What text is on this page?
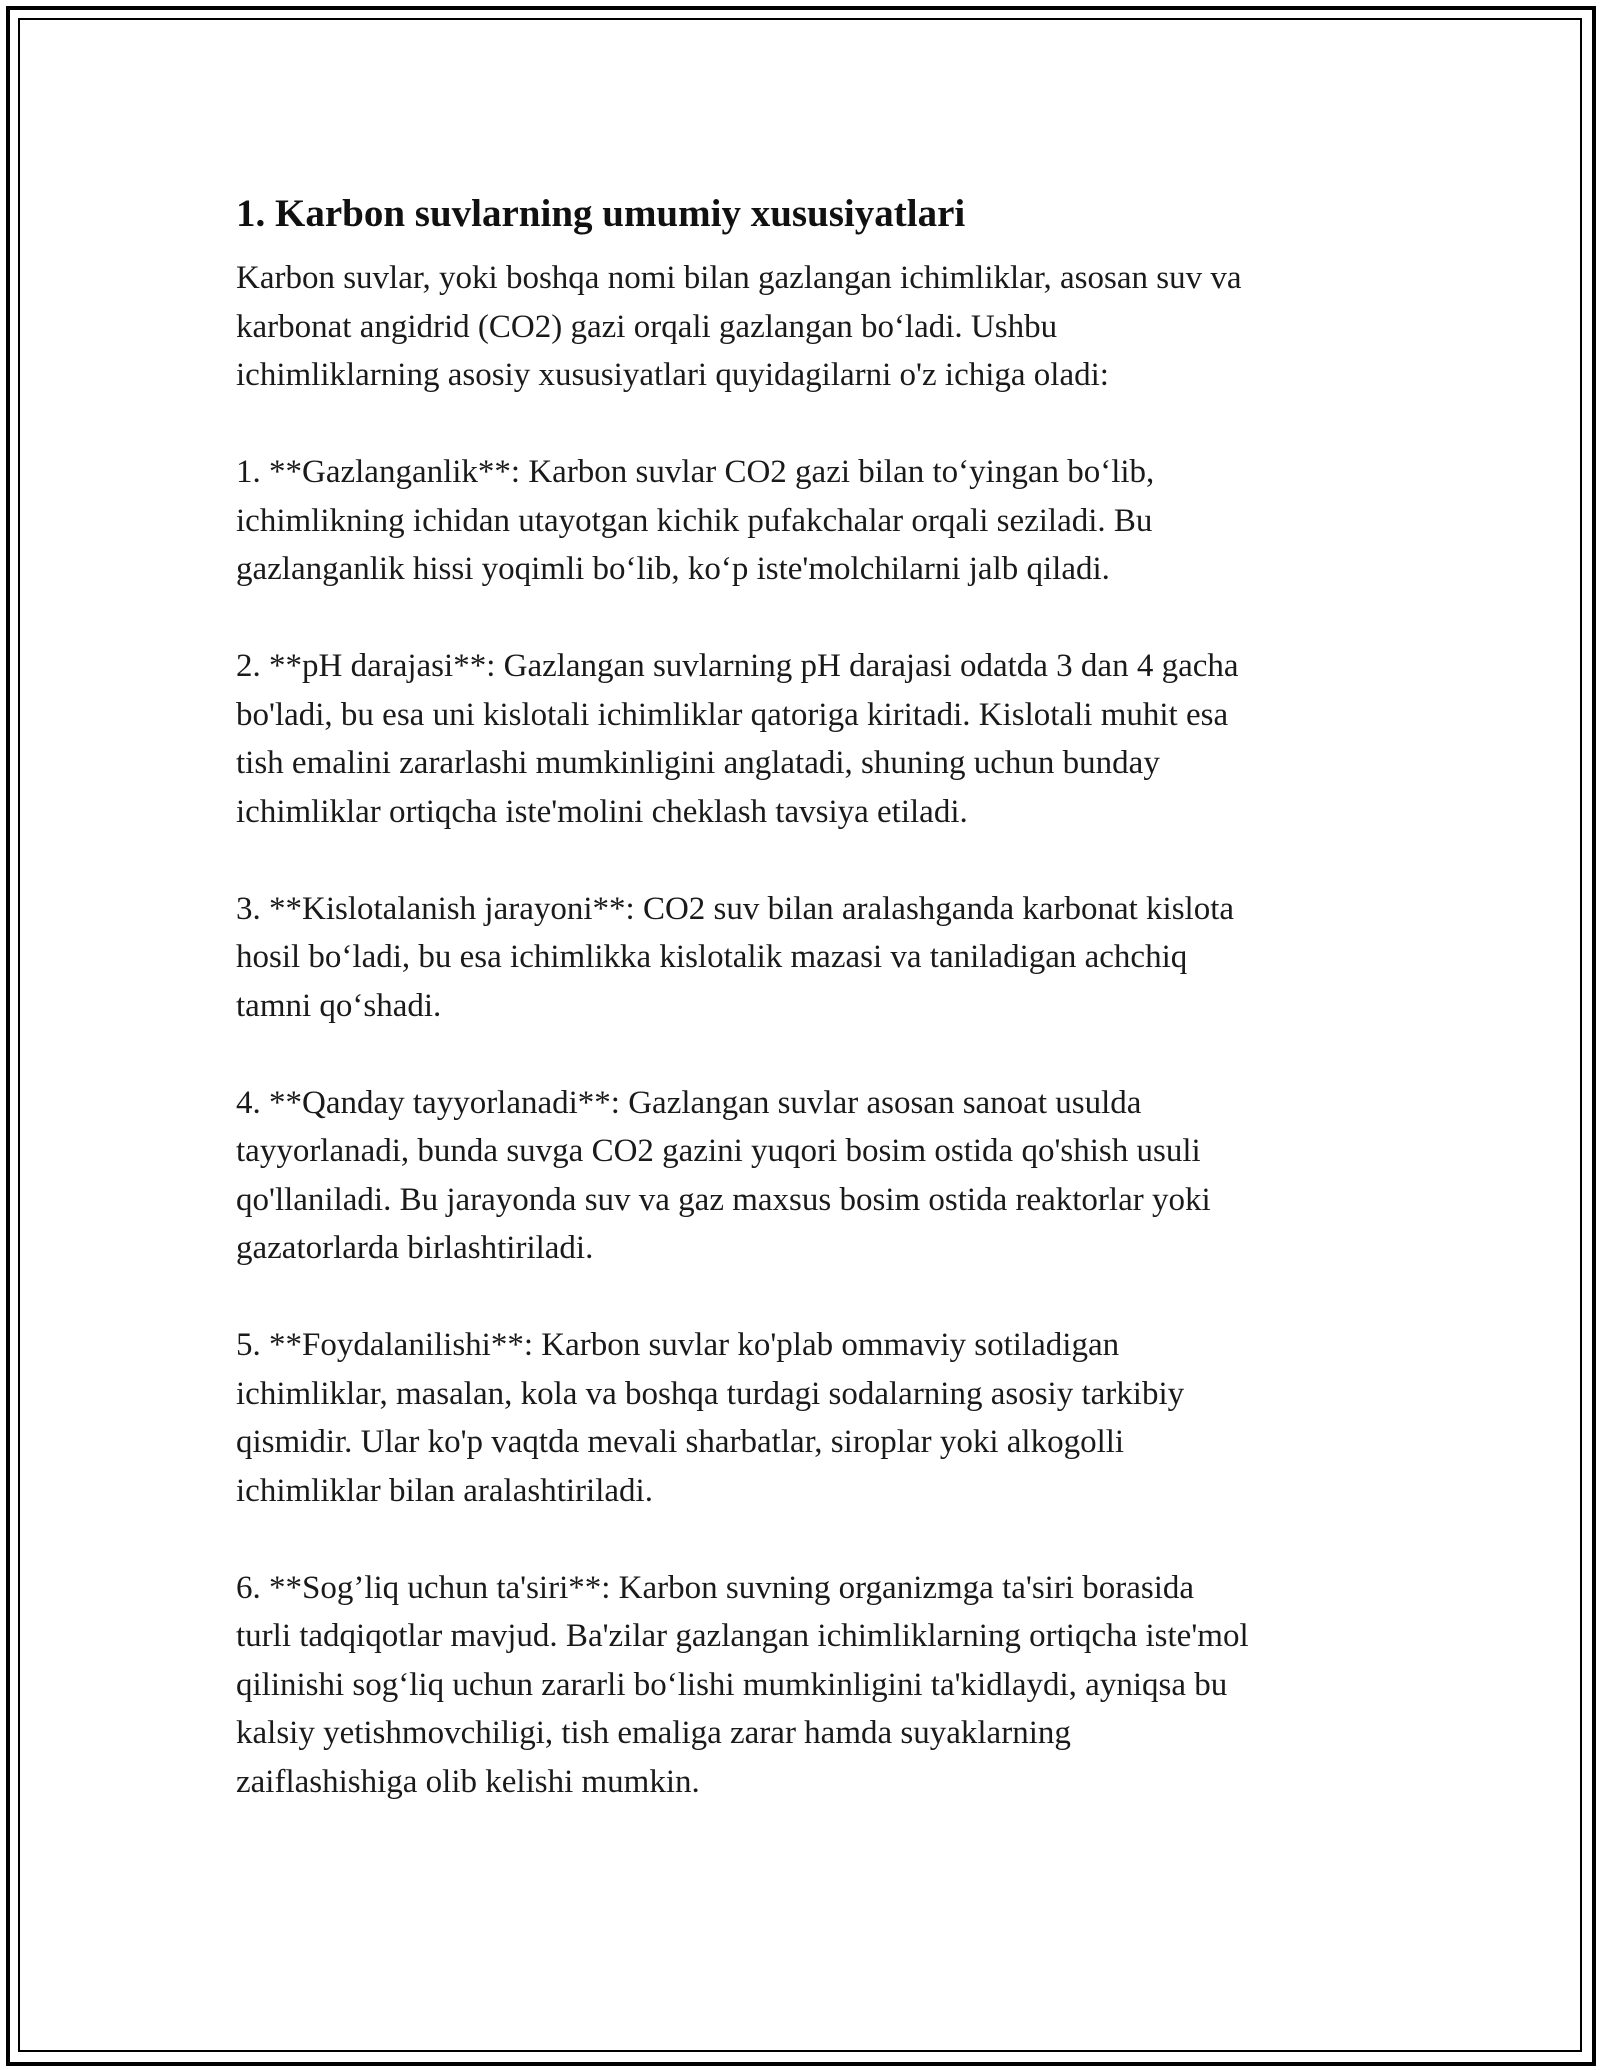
1. Karbon suvlarning umumiy xususiyatlari

Karbon suvlar, yoki boshqa nomi bilan gazlangan ichimliklar, asosan suv va
karbonat angidrid (CO2) gazi orqali gazlangan bo‘ladi. Ushbu
ichimliklarning asosiy xususiyatlari quyidagilarni o'z ichiga oladi:

1. **Gazlanganlik**: Karbon suvlar CO2 gazi bilan to‘yingan bo‘lib,
ichimlikning ichidan utayotgan kichik pufakchalar orqali seziladi. Bu
gazlanganlik hissi yoqimli bo‘lib, ko‘p iste'molchilarni jalb qiladi.

2. **pH darajasi**: Gazlangan suvlarning pH darajasi odatda 3 dan 4 gacha
bo'ladi, bu esa uni kislotali ichimliklar qatoriga kiritadi. Kislotali muhit esa
tish emalini zararlashi mumkinligini anglatadi, shuning uchun bunday
ichimliklar ortiqcha iste'molini cheklash tavsiya etiladi.

3. **Kislotalanish jarayoni**: CO2 suv bilan aralashganda karbonat kislota
hosil bo‘ladi, bu esa ichimlikka kislotalik mazasi va taniladigan achchiq
tamni qo‘shadi.

4. **Qanday tayyorlanadi**: Gazlangan suvlar asosan sanoat usulda
tayyorlanadi, bunda suvga CO2 gazini yuqori bosim ostida qo'shish usuli
qo'llaniladi. Bu jarayonda suv va gaz maxsus bosim ostida reaktorlar yoki
gazatorlarda birlashtiriladi.

5. **Foydalanilishi**: Karbon suvlar ko'plab ommaviy sotiladigan
ichimliklar, masalan, kola va boshqa turdagi sodalarning asosiy tarkibiy
qismidir. Ular ko'p vaqtda mevali sharbatlar, siroplar yoki alkogolli
ichimliklar bilan aralashtiriladi.

6. **Sog’liq uchun ta'siri**: Karbon suvning organizmga ta'siri borasida
turli tadqiqotlar mavjud. Ba'zilar gazlangan ichimliklarning ortiqcha iste'mol
qilinishi sog‘liq uchun zararli bo‘lishi mumkinligini ta'kidlaydi, ayniqsa bu
kalsiy yetishmovchiligi, tish emaliga zarar hamda suyaklarning
zaiflashishiga olib kelishi mumkin.
